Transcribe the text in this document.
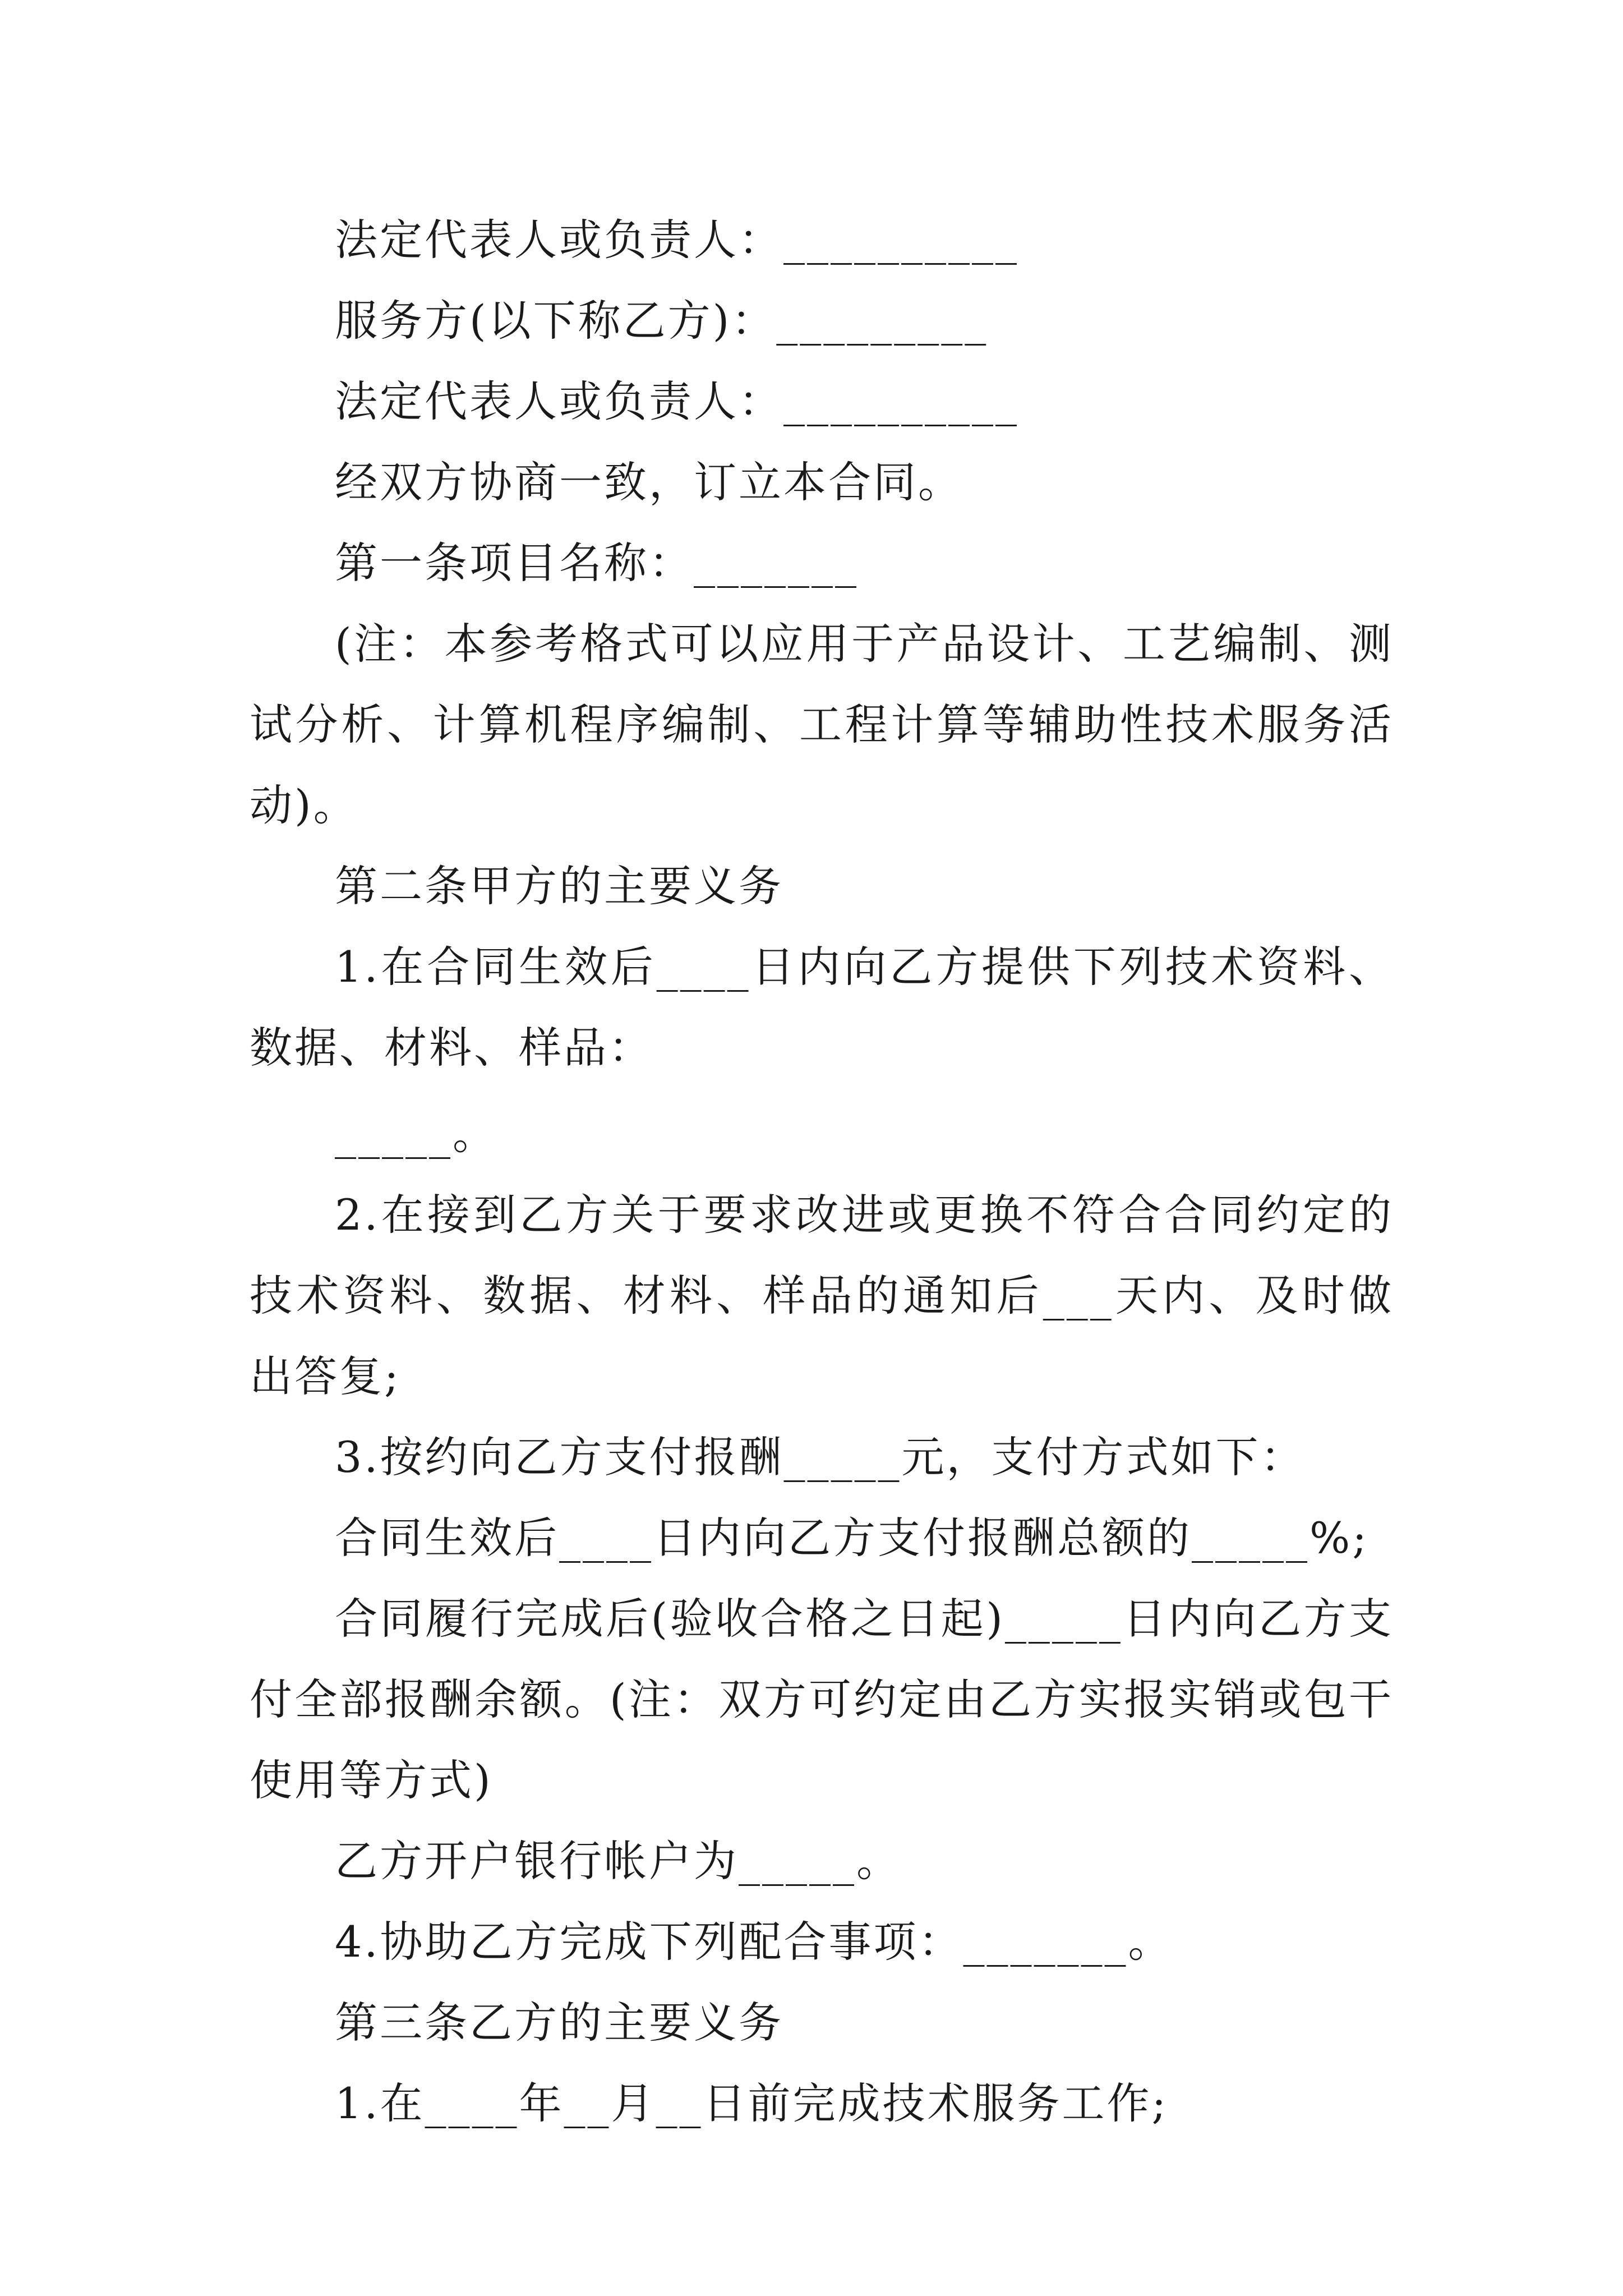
法定代表人或负责人：__________

服务方(以下称乙方)：_________

法定代表人或负责人：__________

经双方协商一致，订立本合同。

第一条项目名称：_______

(注：本参考格式可以应用于产品设计、工艺编制、测试分析、计算机程序编制、工程计算等辅助性技术服务活动)。

第二条甲方的主要义务

1.在合同生效后____日内向乙方提供下列技术资料、数据、材料、样品：

_____。

2.在接到乙方关于要求改进或更换不符合合同约定的技术资料、数据、材料、样品的通知后___天内、及时做出答复;

3.按约向乙方支付报酬_____元，支付方式如下：

合同生效后____日内向乙方支付报酬总额的_____%;

合同履行完成后(验收合格之日起)_____日内向乙方支付全部报酬余额。(注：双方可约定由乙方实报实销或包干使用等方式)

乙方开户银行帐户为_____。

4.协助乙方完成下列配合事项：_______。

第三条乙方的主要义务

1.在____年__月__日前完成技术服务工作;
